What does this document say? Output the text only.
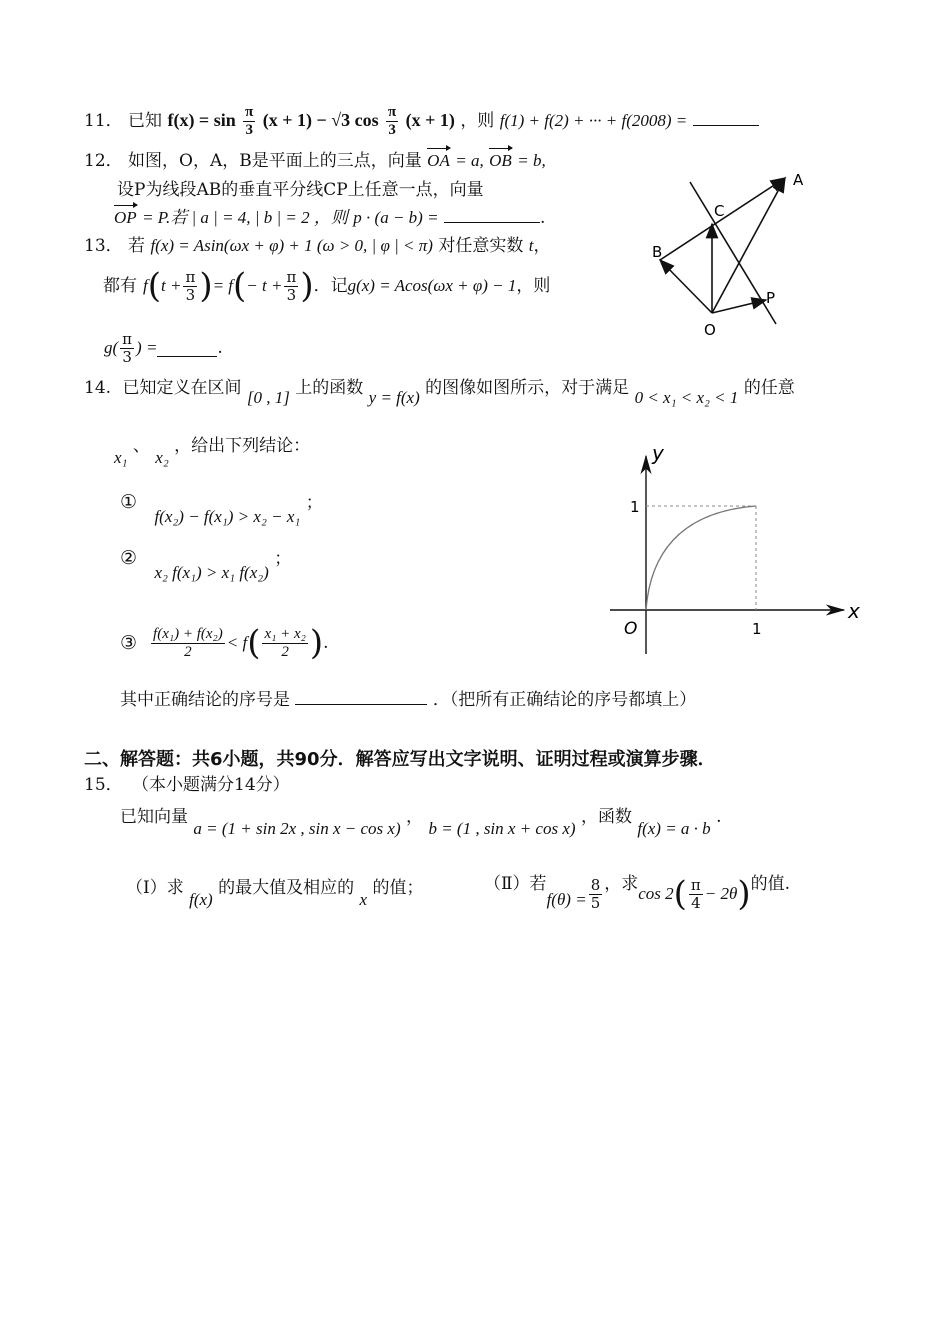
11． 已知 $f(x) = \sin \frac{\pi}{3} (x + 1) - √3$ $\cos \frac{\pi}{3} (x + 1)$ ，则 f(1) + f(2) + ··· + f(2008) =
12． 如图，O，A，B是平面上的三点，向量 OA = a, OB = b,
设P为线段AB的垂直平分线CP上任意一点，向量
OP = P.若 | a | = 4, | b | = 2 ，则 p · (a − b) =	.
13． 若 f(x) = Asin(ωx + φ) + 1 (ω > 0, | φ | < π) 对任意实数 t，
都有 f ( $t + \frac{\pi}{3}$ ) = f ( − $t + \frac{\pi}{3}$ ) ．记 g(x) = Acos(ωx + φ) − 1 ，则
$g( \frac{\pi}{3}$ ) =	.
A
C
B
P
O
14. 已知定义在区间 [0 , 1] 上的函数 y = f(x) 的图像如图所示，对于满足 0 < x₁ < x₂ < 1 的任意
x₁ 、 x₂ ，给出下列结论：
① f(x₂) − f(x₁) > x₂ − x₁ ；
② x₂ f(x₁) > x₁ f(x₂) ；
③ $\frac{\text{f(x₁) + f(x₂)}}{2} < f$ ( $\frac{\text{x₁ + x₂}}{2}$ ) .
其中正确结论的序号是	．（把所有正确结论的序号都填上）
y
x
1
1
O
二、解答题：共6小题，共90分．解答应写出文字说明、证明过程或演算步骤．
15． （本小题满分14分）
已知向量 a = (1 + sin 2x , sin x − cos x) ， b = (1 , sin x + cos x) ，函数 f(x) = a · b .
（Ⅰ）求 f(x) 的最大值及相应的 x 的值；	（Ⅱ）若
$f(\theta) = \frac{8}{5}$ ，求 cos 2 ( $\frac{\pi}{4} - 2\theta$ ) 的值.
